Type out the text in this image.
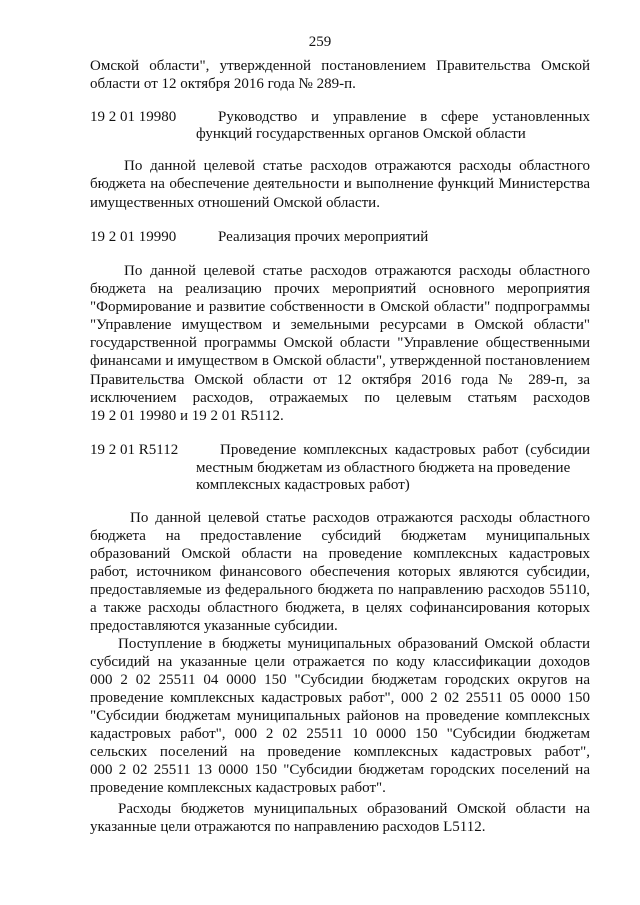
259
Омской области", утвержденной постановлением Правительства Омской
области от 12 октября 2016 года № 289-п.
19 2 01 19980	Руководство и управление в сфере установленных
функций государственных органов Омской области
По данной целевой статье расходов отражаются расходы областного
бюджета на обеспечение деятельности и выполнение функций Министерства
имущественных отношений Омской области.
19 2 01 19990	Реализация прочих мероприятий
По данной целевой статье расходов отражаются расходы областного
бюджета на реализацию прочих мероприятий основного мероприятия
"Формирование и развитие собственности в Омской области" подпрограммы
"Управление имуществом и земельными ресурсами в Омской области"
государственной программы Омской области "Управление общественными
финансами и имуществом в Омской области", утвержденной постановлением
Правительства Омской области от 12 октября 2016 года № 289-п, за
исключением расходов, отражаемых по целевым статьям расходов
19 2 01 19980 и 19 2 01 R5112.
19 2 01 R5112	Проведение комплексных кадастровых работ (субсидии
местным бюджетам из областного бюджета на проведение
комплексных кадастровых работ)
По данной целевой статье расходов отражаются расходы областного
бюджета на предоставление субсидий бюджетам муниципальных
образований Омской области на проведение комплексных кадастровых
работ, источником финансового обеспечения которых являются субсидии,
предоставляемые из федерального бюджета по направлению расходов 55110,
а также расходы областного бюджета, в целях софинансирования которых
предоставляются указанные субсидии.
Поступление в бюджеты муниципальных образований Омской области
субсидий на указанные цели отражается по коду классификации доходов
000 2 02 25511 04 0000 150 "Субсидии бюджетам городских округов на
проведение комплексных кадастровых работ", 000 2 02 25511 05 0000 150
"Субсидии бюджетам муниципальных районов на проведение комплексных
кадастровых работ", 000 2 02 25511 10 0000 150 "Субсидии бюджетам
сельских поселений на проведение комплексных кадастровых работ",
000 2 02 25511 13 0000 150 "Субсидии бюджетам городских поселений на
проведение комплексных кадастровых работ".
Расходы бюджетов муниципальных образований Омской области на
указанные цели отражаются по направлению расходов L5112.
